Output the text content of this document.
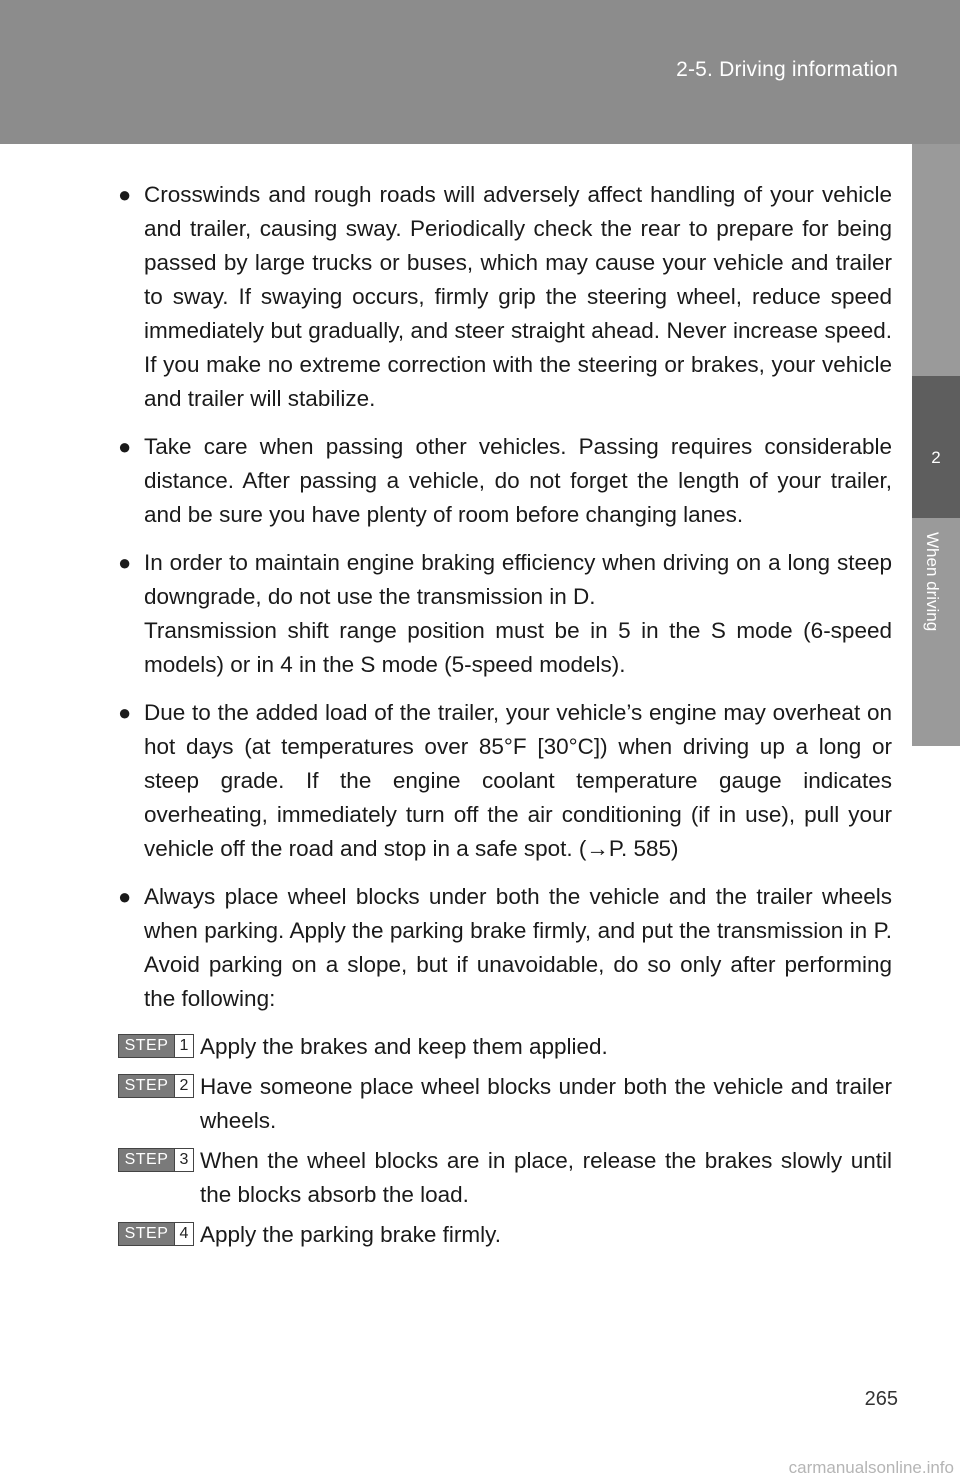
2-5. Driving information
2
When driving
● Crosswinds and rough roads will adversely affect handling of your vehicle and trailer, causing sway. Periodically check the rear to prepare for being passed by large trucks or buses, which may cause your vehicle and trailer to sway. If swaying occurs, firmly grip the steering wheel, reduce speed immediately but gradually, and steer straight ahead. Never increase speed. If you make no extreme correction with the steering or brakes, your vehicle and trailer will stabilize.

● Take care when passing other vehicles. Passing requires considerable distance. After passing a vehicle, do not forget the length of your trailer, and be sure you have plenty of room before changing lanes.

● In order to maintain engine braking efficiency when driving on a long steep downgrade, do not use the transmission in D.

Transmission shift range position must be in 5 in the S mode (6-speed models) or in 4 in the S mode (5-speed models).

● Due to the added load of the trailer, your vehicle’s engine may overheat on hot days (at temperatures over 85°F [30°C]) when driving up a long or steep grade. If the engine coolant temperature gauge indicates overheating, immediately turn off the air conditioning (if in use), pull your vehicle off the road and stop in a safe spot. (→P. 585)

● Always place wheel blocks under both the vehicle and the trailer wheels when parking. Apply the parking brake firmly, and put the transmission in P. Avoid parking on a slope, but if unavoidable, do so only after performing the following:

STEP 1 Apply the brakes and keep them applied.
STEP 2 Have someone place wheel blocks under both the vehicle and trailer wheels.
STEP 3 When the wheel blocks are in place, release the brakes slowly until the blocks absorb the load.
STEP 4 Apply the parking brake firmly.
265
carmanualsonline.info
